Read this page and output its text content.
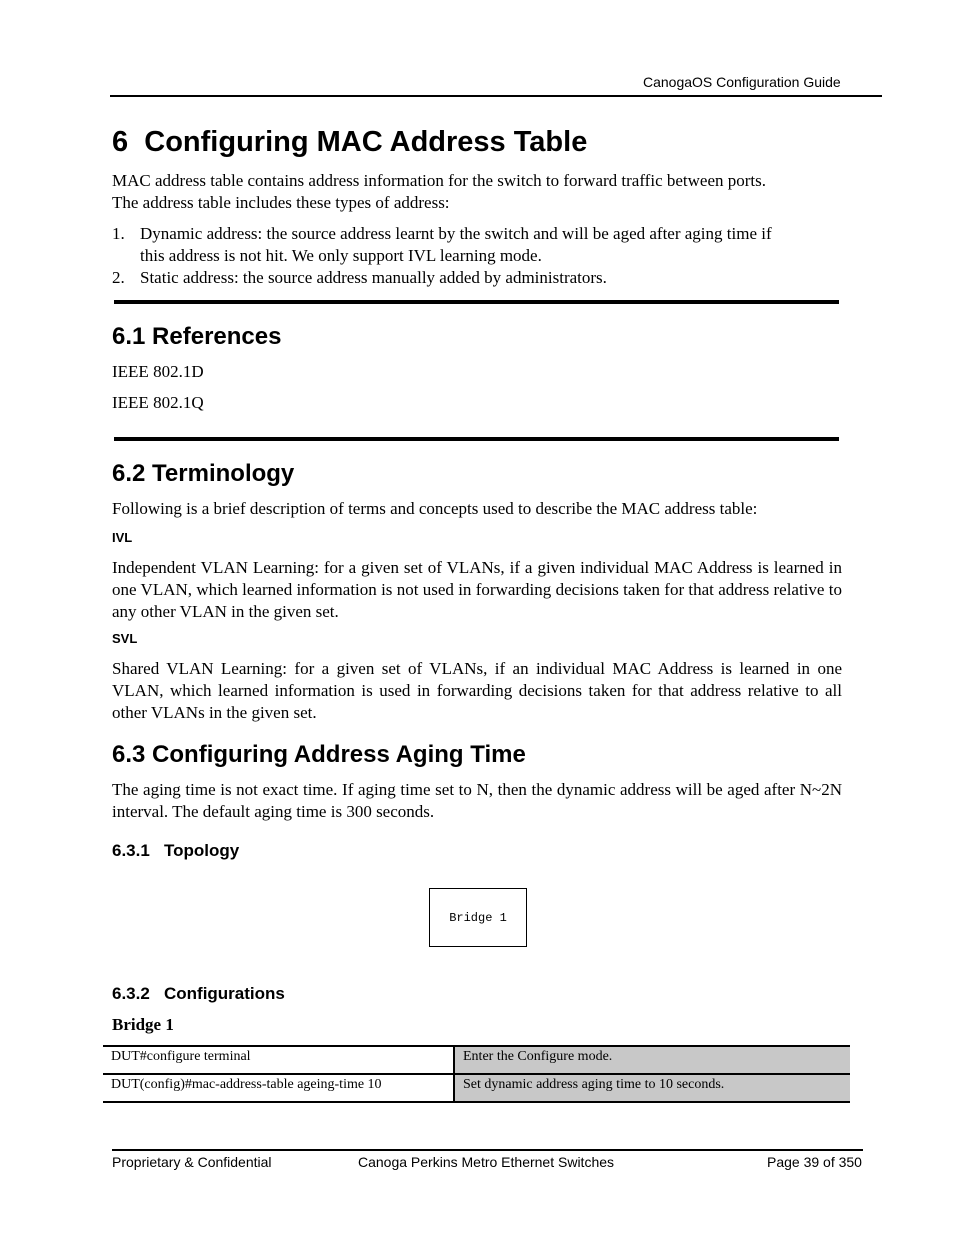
CanogaOS Configuration Guide
6 Configuring MAC Address Table
MAC address table contains address information for the switch to forward traffic between ports.
The address table includes these types of address:
1. Dynamic address: the source address learnt by the switch and will be aged after aging time if
this address is not hit. We only support IVL learning mode.
2. Static address: the source address manually added by administrators.
6.1 References
IEEE 802.1D
IEEE 802.1Q
6.2 Terminology
Following is a brief description of terms and concepts used to describe the MAC address table:
IVL
Independent VLAN Learning: for a given set of VLANs, if a given individual MAC Address is learned in one VLAN, which learned information is not used in forwarding decisions taken for that address relative to any other VLAN in the given set.
SVL
Shared VLAN Learning: for a given set of VLANs, if an individual MAC Address is learned in one VLAN, which learned information is used in forwarding decisions taken for that address relative to all other VLANs in the given set.
6.3 Configuring Address Aging Time
The aging time is not exact time. If aging time set to N, then the dynamic address will be aged after N~2N interval. The default aging time is 300 seconds.
6.3.1 Topology
Bridge 1
6.3.2 Configurations
Bridge 1
DUT#configure terminal	Enter the Configure mode.
DUT(config)#mac-address-table ageing-time 10	Set dynamic address aging time to 10 seconds.
Proprietary & Confidential	Canoga Perkins Metro Ethernet Switches	Page 39 of 350
